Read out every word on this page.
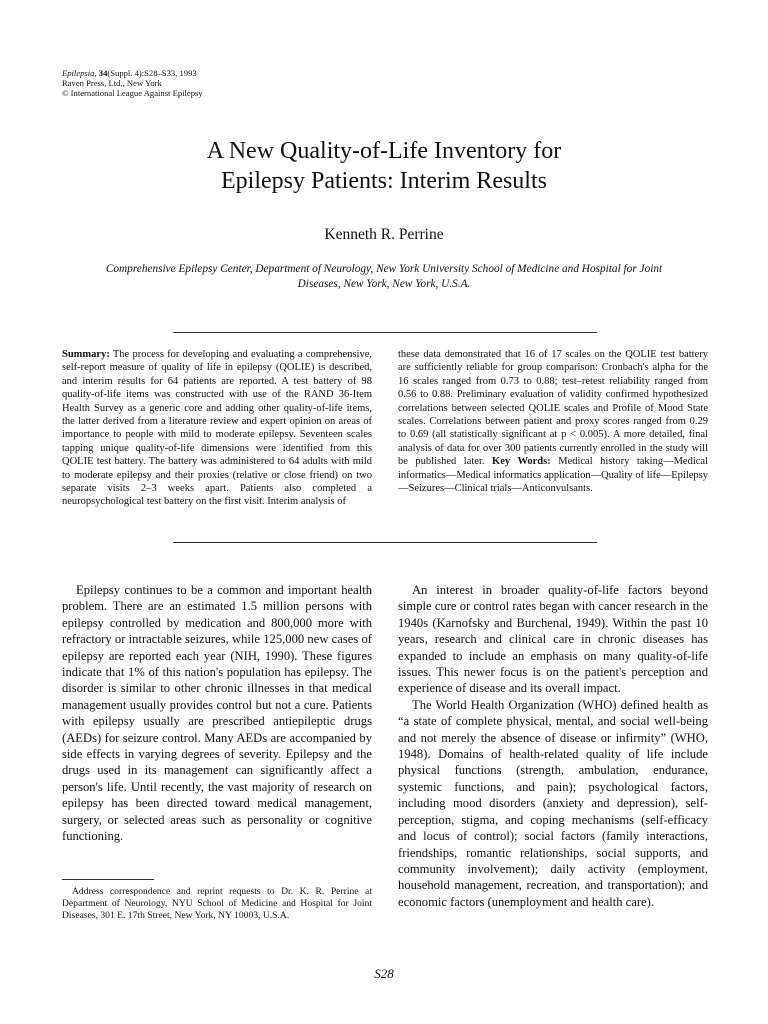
Epilepsia, 34(Suppl. 4):S28–S33, 1993
Raven Press, Ltd., New York
© International League Against Epilepsy
A New Quality-of-Life Inventory for
Epilepsy Patients: Interim Results
Kenneth R. Perrine
Comprehensive Epilepsy Center, Department of Neurology, New York University School of Medicine and Hospital for Joint Diseases, New York, New York, U.S.A.
Summary: The process for developing and evaluating a comprehensive, self-report measure of quality of life in epilepsy (QOLIE) is described, and interim results for 64 patients are reported. A test battery of 98 quality-of-life items was constructed with use of the RAND 36-Item Health Survey as a generic core and adding other quality-of-life items, the latter derived from a literature review and expert opinion on areas of importance to people with mild to moderate epilepsy. Seventeen scales tapping unique quality-of-life dimensions were identified from this QOLIE test battery. The battery was administered to 64 adults with mild to moderate epilepsy and their proxies (relative or close friend) on two separate visits 2–3 weeks apart. Patients also completed a neuropsychological test battery on the first visit. Interim analysis of
these data demonstrated that 16 of 17 scales on the QOLIE test battery are sufficiently reliable for group comparison: Cronbach's alpha for the 16 scales ranged from 0.73 to 0.88; test–retest reliability ranged from 0.56 to 0.88. Preliminary evaluation of validity confirmed hypothesized correlations between selected QOLIE scales and Profile of Mood State scales. Correlations between patient and proxy scores ranged from 0.29 to 0.69 (all statistically significant at p < 0.005). A more detailed, final analysis of data for over 300 patients currently enrolled in the study will be published later. Key Words: Medical history taking—Medical informatics—Medical informatics application—Quality of life—Epilepsy—Seizures—Clinical trials—Anticonvulsants.

Epilepsy continues to be a common and important health problem. There are an estimated 1.5 million persons with epilepsy controlled by medication and 800,000 more with refractory or intractable seizures, while 125,000 new cases of epilepsy are reported each year (NIH, 1990). These figures indicate that 1% of this nation's population has epilepsy. The disorder is similar to other chronic illnesses in that medical management usually provides control but not a cure. Patients with epilepsy usually are prescribed antiepileptic drugs (AEDs) for seizure control. Many AEDs are accompanied by side effects in varying degrees of severity. Epilepsy and the drugs used in its management can significantly affect a person's life. Until recently, the vast majority of research on epilepsy has been directed toward medical management, surgery, or selected areas such as personality or cognitive functioning.

An interest in broader quality-of-life factors beyond simple cure or control rates began with cancer research in the 1940s (Karnofsky and Burchenal, 1949). Within the past 10 years, research and clinical care in chronic diseases has expanded to include an emphasis on many quality-of-life issues. This newer focus is on the patient's perception and experience of disease and its overall impact.

The World Health Organization (WHO) defined health as “a state of complete physical, mental, and social well-being and not merely the absence of disease or infirmity” (WHO, 1948). Domains of health-related quality of life include physical functions (strength, ambulation, endurance, systemic functions, and pain); psychological factors, including mood disorders (anxiety and depression), self-perception, stigma, and coping mechanisms (self-efficacy and locus of control); social factors (family interactions, friendships, romantic relationships, social supports, and community involvement); daily activity (employment, household management, recreation, and transportation); and economic factors (unemployment and health care).

Address correspondence and reprint requests to Dr. K. R. Perrine at Department of Neurology, NYU School of Medicine and Hospital for Joint Diseases, 301 E. 17th Street, New York, NY 10003, U.S.A.
S28
